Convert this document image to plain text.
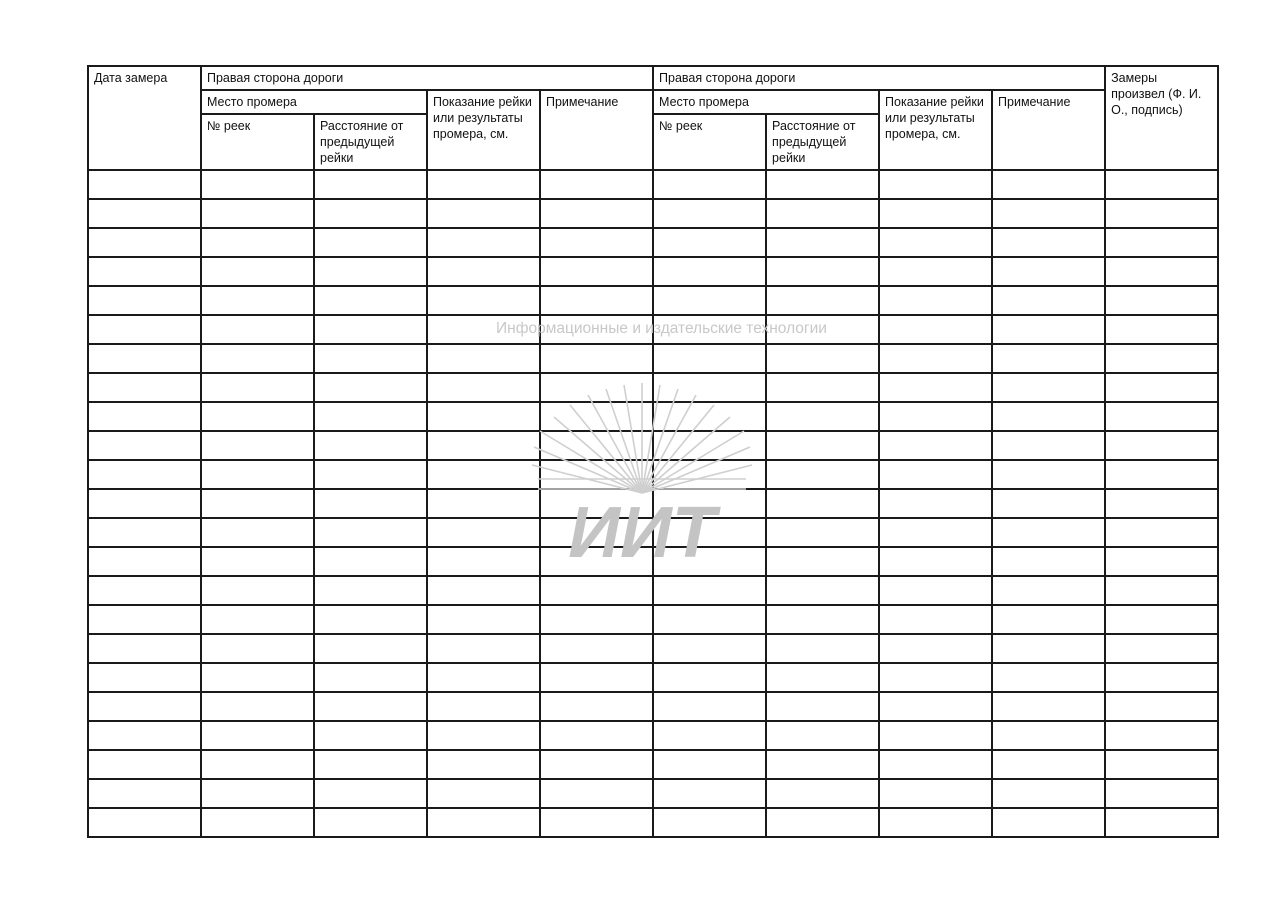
Дата замера	Правая сторона дороги				Правая сторона дороги				Замеры произвел (Ф. И. О., подпись)
	Место промера		Показание рейки или результаты промера, см.	Примечание	Место промера		Показание рейки или результаты промера, см.	Примечание	
	№ реек	Расстояние от предыдущей рейки			№ реек	Расстояние от предыдущей рейки			

Информационные и издательские технологии
ИИТ
